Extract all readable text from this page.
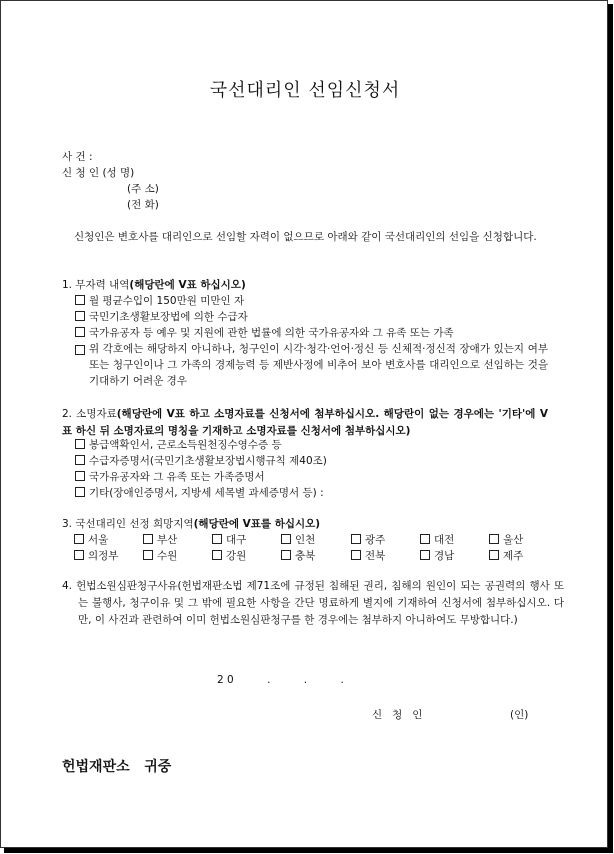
국선대리인 선임신청서
사 건 :
신 청 인 (성 명)
(주 소)
(전 화)
신청인은 변호사를 대리인으로 선임할 자력이 없으므로 아래와 같이 국선대리인의 선임을 신청합니다.
1. 무자력 내역(해당란에 V표 하십시오)
월 평균수입이 150만원 미만인 자
국민기초생활보장법에 의한 수급자
국가유공자 등 예우 및 지원에 관한 법률에 의한 국가유공자와 그 유족 또는 가족
위 각호에는 해당하지 아니하나, 청구인이 시각·청각·언어·정신 등 신체적·정신적 장애가 있는지 여부 또는 청구인이나 그 가족의 경제능력 등 제반사정에 비추어 보아 변호사를 대리인으로 선임하는 것을 기대하기 어려운 경우
2. 소명자료(해당란에 V표 하고 소명자료를 신청서에 첨부하십시오. 해당란이 없는 경우에는 '기타'에 V표 하신 뒤 소명자료의 명칭을 기재하고 소명자료를 신청서에 첨부하십시오)
봉급액확인서, 근로소득원천징수영수증 등
수급자증명서(국민기초생활보장법시행규칙 제40조)
국가유공자와 그 유족 또는 가족증명서
기타(장애인증명서, 지방세 세목별 과세증명서 등) :
3. 국선대리인 선정 희망지역(해당란에 V표를 하십시오)
서울	부산	대구	인천	광주	대전	울산
의정부	수원	강원	충북	전북	경남	제주
4. 헌법소원심판청구사유(헌법재판소법 제71조에 규정된 침해된 권리, 침해의 원인이 되는 공권력의 행사 또는 불행사, 청구이유 및 그 밖에 필요한 사항을 간단 명료하게 별지에 기재하여 신청서에 첨부하십시오. 다만, 이 사건과 관련하여 이미 헌법소원심판청구를 한 경우에는 첨부하지 아니하여도 무방합니다.)
2 0          .          .          .
신   청   인	(인)
헌법재판소   귀중
